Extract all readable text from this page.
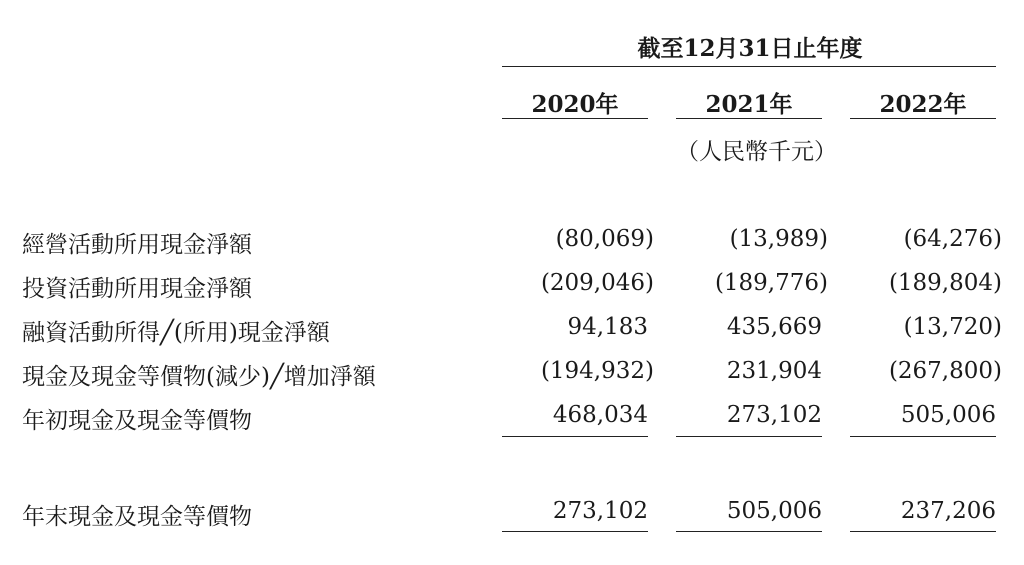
截至12月31日止年度
2020年	2021年	2022年
（人民幣千元）
經營活動所用現金淨額	(80,069)	(13,989)	(64,276)
投資活動所用現金淨額	(209,046)	(189,776)	(189,804)
融資活動所得╱(所用)現金淨額	94,183	435,669	(13,720)
現金及現金等價物(減少)╱增加淨額	(194,932)	231,904	(267,800)
年初現金及現金等價物	468,034	273,102	505,006
年末現金及現金等價物	273,102	505,006	237,206
